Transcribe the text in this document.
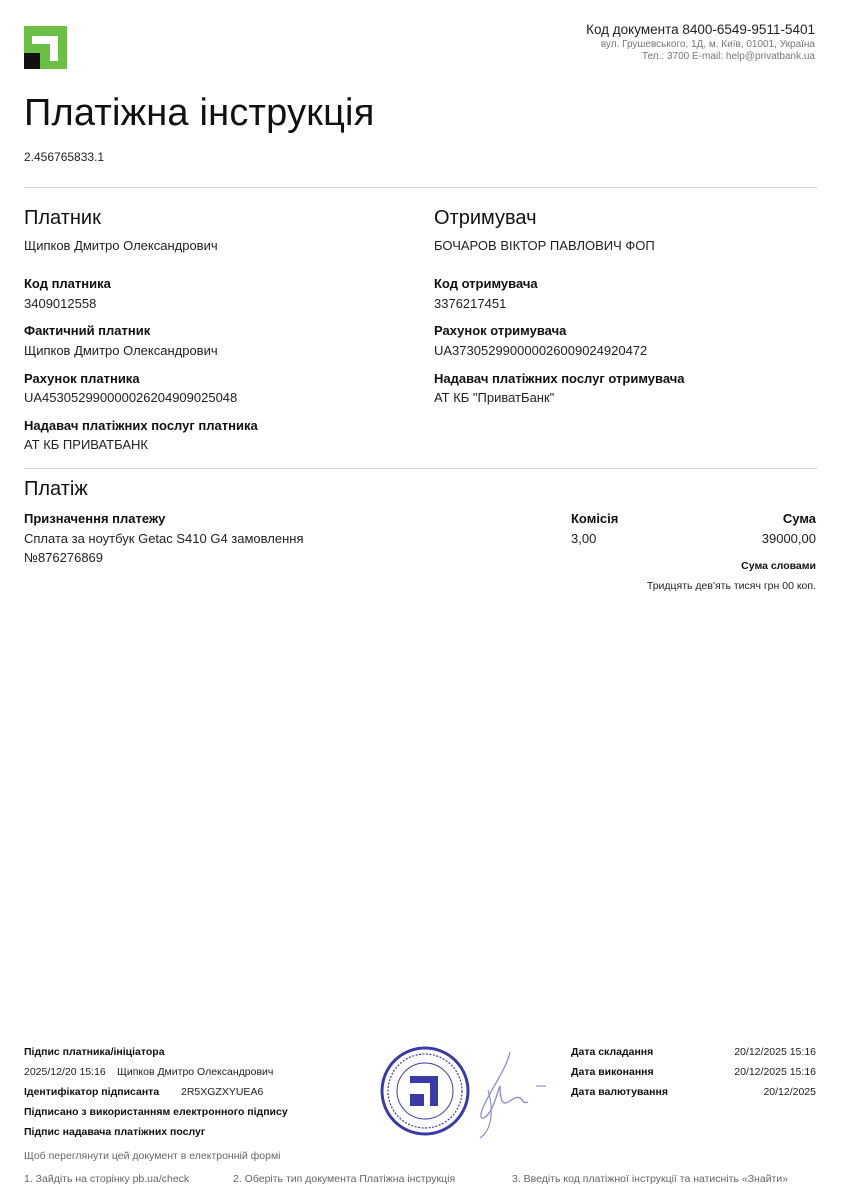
Код документа 8400-6549-9511-5401
вул. Грушевського, 1Д, м. Київ, 01001, Україна
Тел.: 3700 E-mail: help@privatbank.ua
Платіжна інструкція
2.456765833.1
Платник
Щипков Дмитро Олександрович
Код платника
3409012558
Фактичний платник
Щипков Дмитро Олександрович
Рахунок платника
UA453052990000026204909025048
Надавач платіжних послуг платника
АТ КБ ПРИВАТБАНК
Отримувач
БОЧАРОВ ВІКТОР ПАВЛОВИЧ ФОП
Код отримувача
3376217451
Рахунок отримувача
UA373052990000026009024920472
Надавач платіжних послуг отримувача
АТ КБ "ПриватБанк"
Платіж
Призначення платежу
Сплата за ноутбук Getac S410 G4 замовлення
№876276869
Комісія
3,00
Сума
39000,00
Сума словами
Тридцять дев'ять тисяч грн 00 коп.
Підпис платника/ініціатора
2025/12/20 15:16 Щипков Дмитро Олександрович
Ідентифікатор підписанта 2R5XGZXYUEA6
Підписано з використанням електронного підпису
Підпис надавача платіжних послуг
Дата складання	20/12/2025 15:16
Дата виконання	20/12/2025 15:16
Дата валютування	20/12/2025
Щоб переглянути цей документ в електронній формі
1. Зайдіть на сторінку pb.ua/check	2. Оберіть тип документа Платіжна інструкція	3. Введіть код платіжної інструкції та натисніть «Знайти»
